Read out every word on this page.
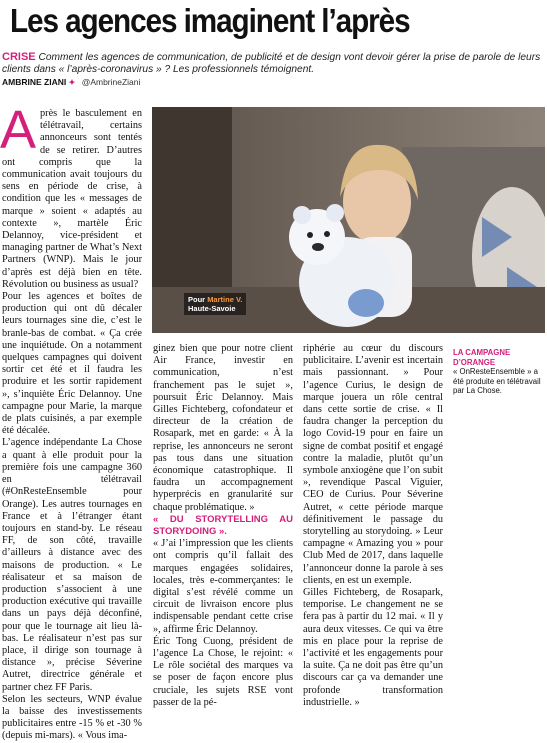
Les agences imaginent l’après
CRISE Comment les agences de communication, de publicité et de design vont devoir gérer la prise de parole de leurs clients dans « l’après-coronavirus » ? Les professionnels témoignent.
AMBRINE ZIANI ✦ @AmbrineZiani

Après le basculement en télétravail, certains annonceurs sont tentés de se retirer. D’autres ont compris que la communication avait toujours du sens en période de crise, à condition que les « messages de marque » soient « adaptés au contexte », martèle Éric Delannoy, vice-président et managing partner de What’s Next Partners (WNP). Mais le jour d’après est déjà bien en tête. Révolution ou business as usual?

Pour les agences et boîtes de production qui ont dû décaler leurs tournages sine die, c’est le branle-bas de combat. « Ça crée une inquiétude. On a notamment quelques campagnes qui doivent sortir cet été et il faudra les produire et les sortir rapidement », s’inquiète Éric Delannoy. Une campagne pour Marie, la marque de plats cuisinés, a par exemple été décalée.

L’agence indépendante La Chose a quant à elle produit pour la première fois une campagne 360 en télétravail (#OnResteEnsemble pour Orange). Les autres tournages en France et à l’étranger étant toujours en stand-by. Le réseau FF, de son côté, travaille d’ailleurs à distance avec des maisons de production. « Le réalisateur et sa maison de production s’associent à une production exécutive qui travaille dans un pays déjà déconfiné, pour que le tournage ait lieu là-bas. Le réalisateur n’est pas sur place, il dirige son tournage à distance », précise Séverine Autret, directrice générale et partner chez FF Paris.

Selon les secteurs, WNP évalue la baisse des investissements publicitaires entre -15 % et -30 % (depuis mi-mars). « Vous ima-

Pour Martine V.
Haute-Savoie

ginez bien que pour notre client Air France, investir en communication, n’est franchement pas le sujet », poursuit Éric Delannoy. Mais Gilles Fichteberg, cofondateur et directeur de la création de Rosapark, met en garde: « À la reprise, les annonceurs ne seront pas tous dans une situation économique catastrophique. Il faudra un accompagnement hyperprécis en granularité sur chaque problématique. »

« DU STORYTELLING AU STORYDOING ».

« J’ai l’impression que les clients ont compris qu’il fallait des marques engagées solidaires, locales, très e-commerçantes: le digital s’est révélé comme un circuit de livraison encore plus indispensable pendant cette crise », affirme Éric Delannoy.

Éric Tong Cuong, président de l’agence La Chose, le rejoint: « Le rôle sociétal des marques va se poser de façon encore plus cruciale, les sujets RSE vont passer de la pé-

riphérie au cœur du discours publicitaire. L’avenir est incertain mais passionnant. » Pour l’agence Curius, le design de marque jouera un rôle central dans cette sortie de crise. « Il faudra changer la perception du logo Covid-19 pour en faire un signe de combat positif et engagé contre la maladie, plutôt qu’un symbole anxiogène que l’on subit », revendique Pascal Viguier, CEO de Curius. Pour Séverine Autret, « cette période marque définitivement le passage du storytelling au storydoing. » Leur campagne « Amazing you » pour Club Med de 2017, dans laquelle l’annonceur donne la parole à ses clients, en est un exemple.

Gilles Fichteberg, de Rosapark, temporise. Le changement ne se fera pas à partir du 12 mai. « Il y aura deux vitesses. Ce qui va être mis en place pour la reprise de l’activité et les engagements pour la suite. Ça ne doit pas être qu’un discours car ça va demander une profonde transformation industrielle. »

LA CAMPAGNE D’ORANGE
« OnResteEnsemble » a été produite en télétravail par La Chose.
